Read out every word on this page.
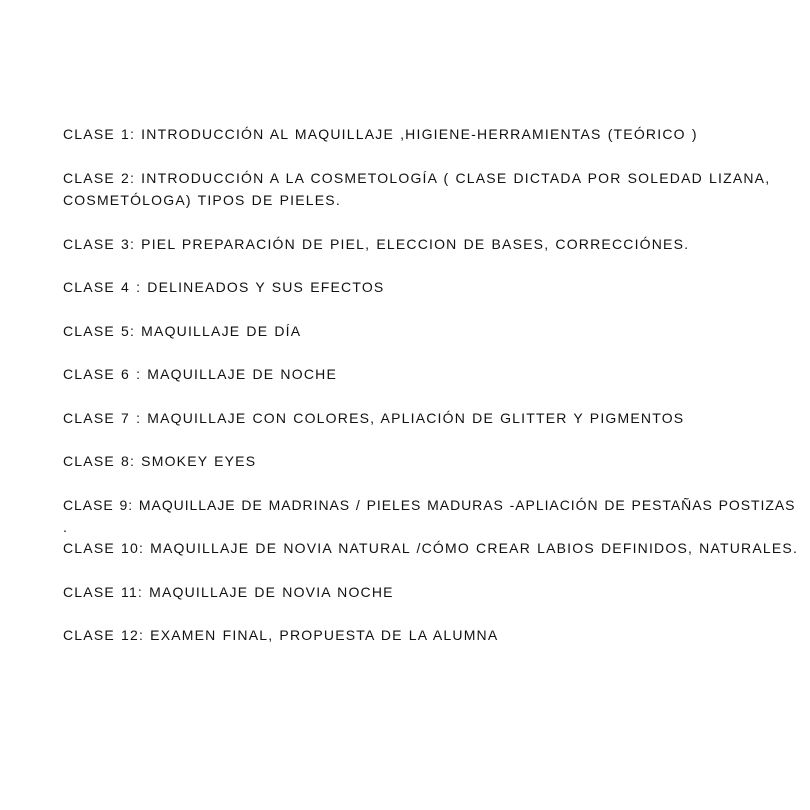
CLASE 1: INTRODUCCIÓN AL MAQUILLAJE ,HIGIENE-HERRAMIENTAS (TEÓRICO )
CLASE 2: INTRODUCCIÓN A LA COSMETOLOGÍA ( CLASE DICTADA POR SOLEDAD LIZANA,
COSMETÓLOGA) TIPOS DE PIELES.
CLASE 3: PIEL PREPARACIÓN DE PIEL, ELECCION DE BASES, CORRECCIÓNES.
CLASE 4 : DELINEADOS Y SUS EFECTOS
CLASE 5: MAQUILLAJE DE DÍA
CLASE 6 : MAQUILLAJE DE NOCHE
CLASE 7 : MAQUILLAJE CON COLORES, APLIACIÓN DE GLITTER Y PIGMENTOS
CLASE 8: SMOKEY EYES
CLASE 9: MAQUILLAJE DE MADRINAS / PIELES MADURAS -APLIACIÓN DE PESTAÑAS POSTIZAS
.
CLASE 10: MAQUILLAJE DE NOVIA NATURAL /CÓMO CREAR LABIOS DEFINIDOS, NATURALES.
CLASE 11: MAQUILLAJE DE NOVIA NOCHE
CLASE 12: EXAMEN FINAL, PROPUESTA DE LA ALUMNA
